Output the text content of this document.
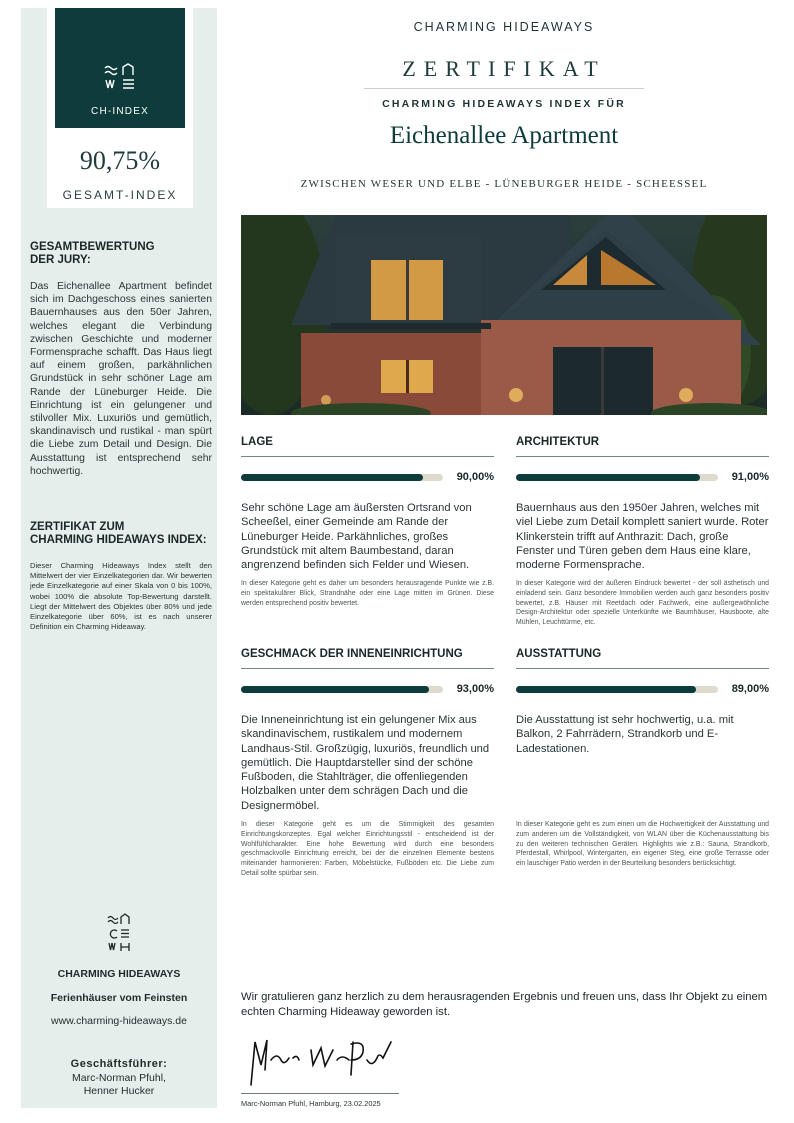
CH-INDEX
90,75%
GESAMT-INDEX
GESAMTBEWERTUNG
DER JURY:
Das Eichenallee Apartment befindet sich im Dachgeschoss eines sanierten Bauernhauses aus den 50er Jahren, welches elegant die Verbindung zwischen Geschichte und moderner Formensprache schafft. Das Haus liegt auf einem großen, parkähnlichen Grundstück in sehr schöner Lage am Rande der Lüneburger Heide. Die Einrichtung ist ein gelungener und stilvoller Mix. Luxuriös und gemütlich, skandinavisch und rustikal - man spürt die Liebe zum Detail und Design. Die Ausstattung ist entsprechend sehr hochwertig.
ZERTIFIKAT ZUM
CHARMING HIDEAWAYS INDEX:
Dieser Charming Hideaways Index stellt den Mittelwert der vier Einzelkategorien dar. Wir bewerten jede Einzelkategorie auf einer Skala von 0 bis 100%, wobei 100% die absolute Top-Bewertung darstellt. Liegt der Mittelwert des Objektes über 80% und jede Einzelkategorie über 60%, ist es nach unserer Definition ein Charming Hideaway.
CHARMING HIDEAWAYS
Ferienhäuser vom Feinsten
www.charming-hideaways.de
Geschäftsführer:
Marc-Norman Pfuhl,
Henner Hucker
CHARMING HIDEAWAYS
ZERTIFIKAT
CHARMING HIDEAWAYS INDEX FÜR
Eichenallee Apartment
ZWISCHEN WESER UND ELBE - LÜNEBURGER HEIDE - SCHEESSEL
LAGE
90,00%
Sehr schöne Lage am äußersten Ortsrand von Scheeßel, einer Gemeinde am Rande der Lüneburger Heide. Parkähnliches, großes Grundstück mit altem Baumbestand, daran angrenzend befinden sich Felder und Wiesen.
In dieser Kategorie geht es daher um besonders herausragende Punkte wie z.B. ein spektakulärer Blick, Strandnähe oder eine Lage mitten im Grünen. Diese werden entsprechend positiv bewertet.
ARCHITEKTUR
91,00%
Bauernhaus aus den 1950er Jahren, welches mit viel Liebe zum Detail komplett saniert wurde. Roter Klinkerstein trifft auf Anthrazit: Dach, große Fenster und Türen geben dem Haus eine klare, moderne Formensprache.
In dieser Kategorie wird der äußeren Eindruck bewertet - der soll ästhetisch und einladend sein. Ganz besondere Immobilien werden auch ganz besonders positiv bewertet, z.B. Häuser mit Reetdach oder Fachwerk, eine außergewöhnliche Design-Architektur oder spezielle Unterkünfte wie Baumhäuser, Hausboote, alte Mühlen, Leuchttürme, etc.
GESCHMACK DER INNENEINRICHTUNG
93,00%
Die Inneneinrichtung ist ein gelungener Mix aus skandinavischem, rustikalem und modernem Landhaus-Stil. Großzügig, luxuriös, freundlich und gemütlich. Die Hauptdarsteller sind der schöne Fußboden, die Stahlträger, die offenliegenden Holzbalken unter dem schrägen Dach und die Designermöbel.
In dieser Kategorie geht es um die Stimmigkeit des gesamten Einrichtungskonzeptes. Egal welcher Einrichtungsstil - entscheidend ist der Wohlfühlcharakter. Eine hohe Bewertung wird durch eine besonders geschmackvolle Einrichtung erreicht, bei der die einzelnen Elemente bestens miteinander harmonieren: Farben, Möbelstücke, Fußböden etc. Die Liebe zum Detail sollte spürbar sein.
AUSSTATTUNG
89,00%
Die Ausstattung ist sehr hochwertig, u.a. mit Balkon, 2 Fahrrädern, Strandkorb und E-Ladestationen.
In dieser Kategorie geht es zum einen um die Hochwertigkeit der Ausstattung und zum anderen um die Vollständigkeit, von WLAN über die Küchenausstattung bis zu den weiteren technischen Geräten. Highlights wie z.B.: Sauna, Strandkorb, Pferdestall, Whirlpool, Wintergarten, ein eigener Steg, eine große Terrasse oder ein lauschiger Patio werden in der Beurteilung besonders berücksichtigt.
Wir gratulieren ganz herzlich zu dem herausragenden Ergebnis und freuen uns, dass Ihr Objekt zu einem echten Charming Hideaway geworden ist.
Marc-Norman Pfuhl, Hamburg, 23.02.2025
